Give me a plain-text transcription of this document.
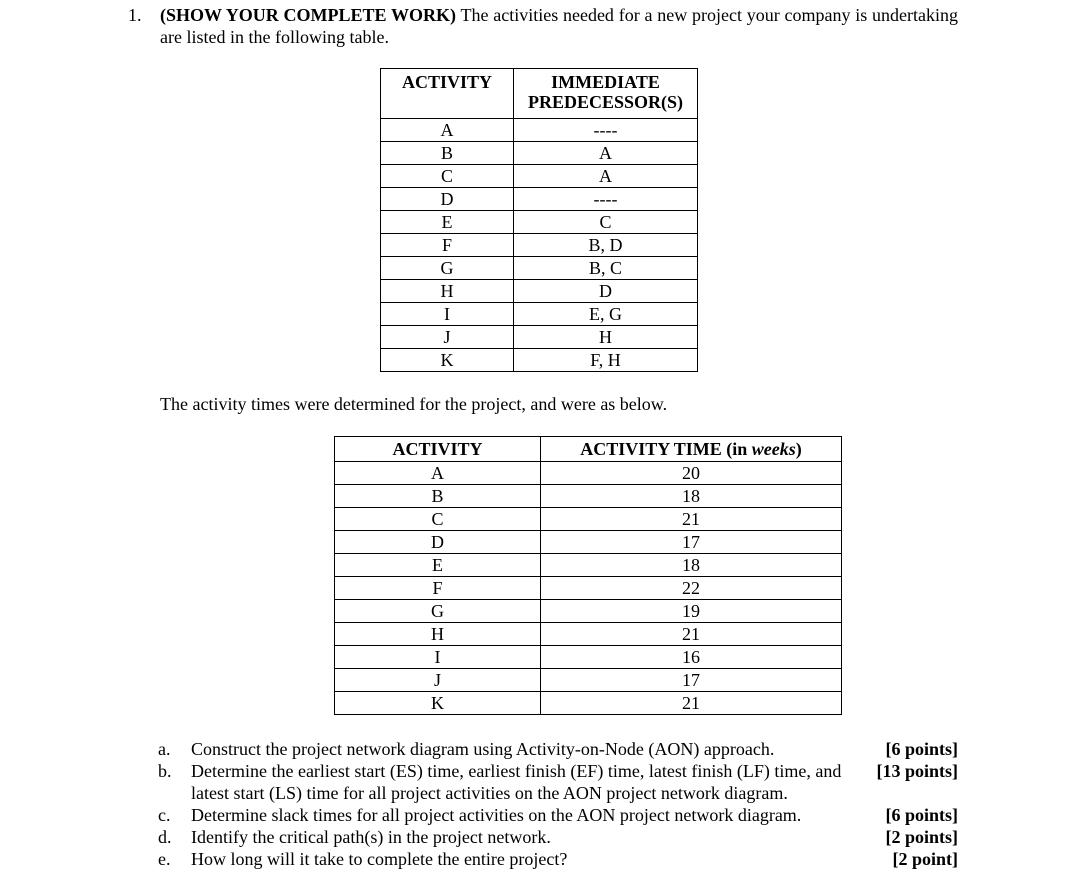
1. (SHOW YOUR COMPLETE WORK) The activities needed for a new project your company is undertaking are listed in the following table.
ACTIVITY	IMMEDIATE PREDECESSOR(S)
A	----
B	A
C	A
D	----
E	C
F	B, D
G	B, C
H	D
I	E, G
J	H
K	F, H
The activity times were determined for the project, and were as below.
ACTIVITY	ACTIVITY TIME (in weeks)
A	20
B	18
C	21
D	17
E	18
F	22
G	19
H	21
I	16
J	17
K	21
a.	[6 points]
Construct the project network diagram using Activity-on-Node (AON) approach.
b.	[13 points]
Determine the earliest start (ES) time, earliest finish (EF) time, latest finish (LF) time, and latest start (LS) time for all project activities on the AON project network diagram.
c.	[6 points]
Determine slack times for all project activities on the AON project network diagram.
d.	[2 points]
Identify the critical path(s) in the project network.
e.	[2 point]
How long will it take to complete the entire project?
